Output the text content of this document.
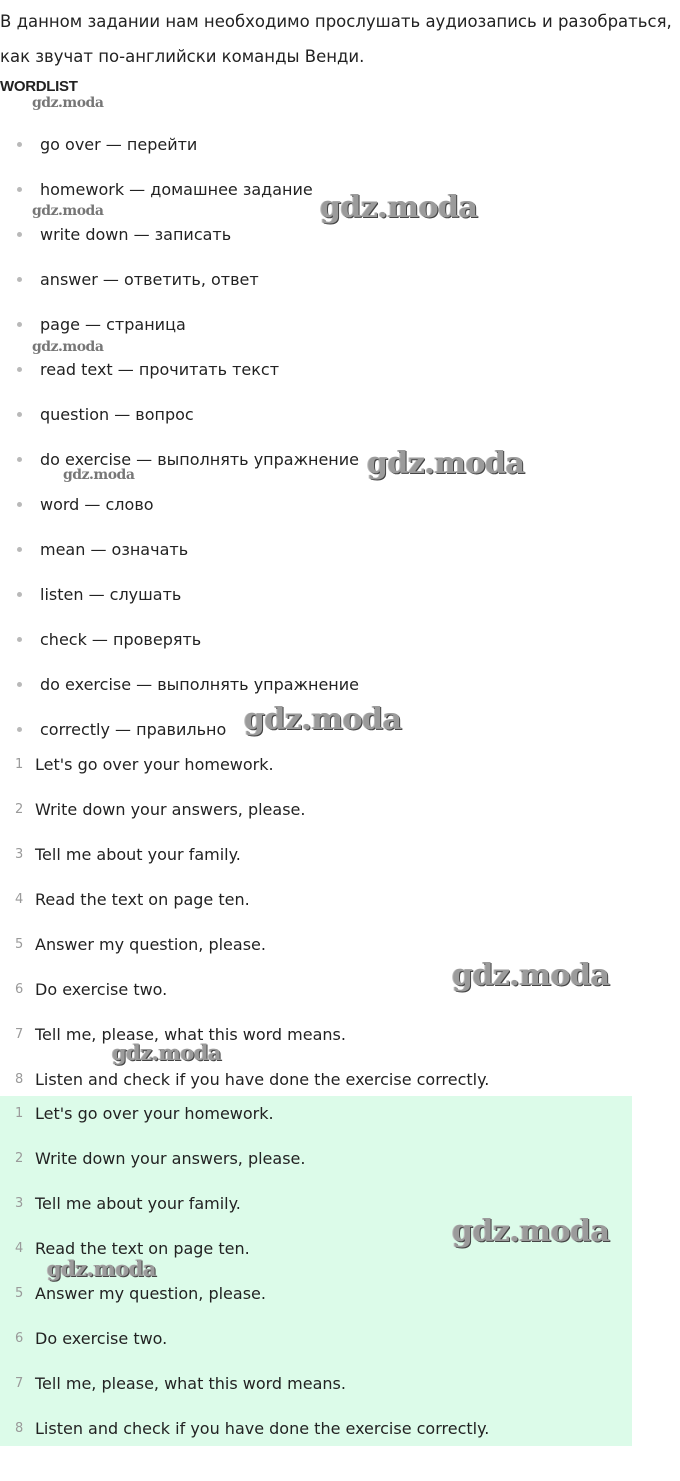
В данном задании нам необходимо прослушать аудиозапись и разобраться, как звучат по-английски команды Венди.

WORDLIST
go over — перейти
homework — домашнее задание
write down — записать
answer — ответить, ответ
page — страница
read text — прочитать текст
question — вопрос
do exercise — выполнять упражнение
word — слово
mean — означать
listen — слушать
check — проверять
do exercise — выполнять упражнение
correctly — правильно
1 Let's go over your homework.
2 Write down your answers, please.
3 Tell me about your family.
4 Read the text on page ten.
5 Answer my question, please.
6 Do exercise two.
7 Tell me, please, what this word means.
8 Listen and check if you have done the exercise correctly.
1 Let's go over your homework.
2 Write down your answers, please.
3 Tell me about your family.
4 Read the text on page ten.
5 Answer my question, please.
6 Do exercise two.
7 Tell me, please, what this word means.
8 Listen and check if you have done the exercise correctly.
gdz.moda
gdz.moda
gdz.moda
gdz.moda
gdz.moda
gdz.moda
gdz.moda
gdz.moda
gdz.moda
gdz.moda
gdz.moda
